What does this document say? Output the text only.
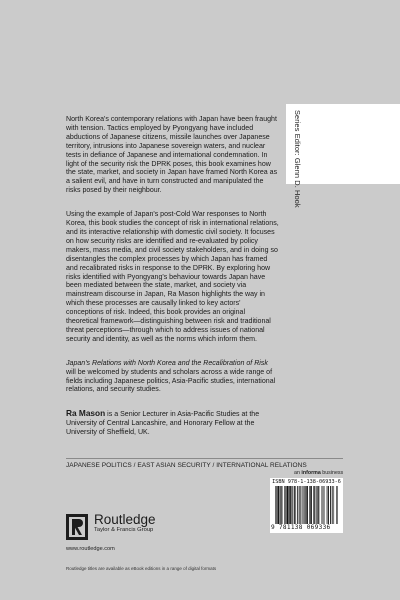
Series Editor: Glenn D. Hook

North Korea's contemporary relations with Japan have been fraught with tension. Tactics employed by Pyongyang have included abductions of Japanese citizens, missile launches over Japanese territory, intrusions into Japanese sovereign waters, and nuclear tests in defiance of Japanese and international condemnation. In light of the security risk the DPRK poses, this book examines how the state, market, and society in Japan have framed North Korea as a salient evil, and have in turn constructed and manipulated the risks posed by their neighbour.

Using the example of Japan's post-Cold War responses to North Korea, this book studies the concept of risk in international relations, and its interactive relationship with domestic civil society. It focuses on how security risks are identified and re-evaluated by policy makers, mass media, and civil society stakeholders, and in doing so disentangles the complex processes by which Japan has framed and recalibrated risks in response to the DPRK. By exploring how risks identified with Pyongyang's behaviour towards Japan have been mediated between the state, market, and society via mainstream discourse in Japan, Ra Mason highlights the way in which these processes are causally linked to key actors' conceptions of risk. Indeed, this book provides an original theoretical framework—distinguishing between risk and traditional threat perceptions—through which to address issues of national security and identity, as well as the norms which inform them.

Japan's Relations with North Korea and the Recalibration of Risk will be welcomed by students and scholars across a wide range of fields including Japanese politics, Asia-Pacific studies, international relations, and security studies.

Ra Mason is a Senior Lecturer in Asia-Pacific Studies at the University of Central Lancashire, and Honorary Fellow at the University of Sheffield, UK.

JAPANESE POLITICS / EAST ASIAN SECURITY / INTERNATIONAL RELATIONS
an informa business
ISBN 978-1-138-06933-6
9 781138 069336
Routledge
Taylor & Francis Group
www.routledge.com
Routledge titles are available as eBook editions in a range of digital formats
